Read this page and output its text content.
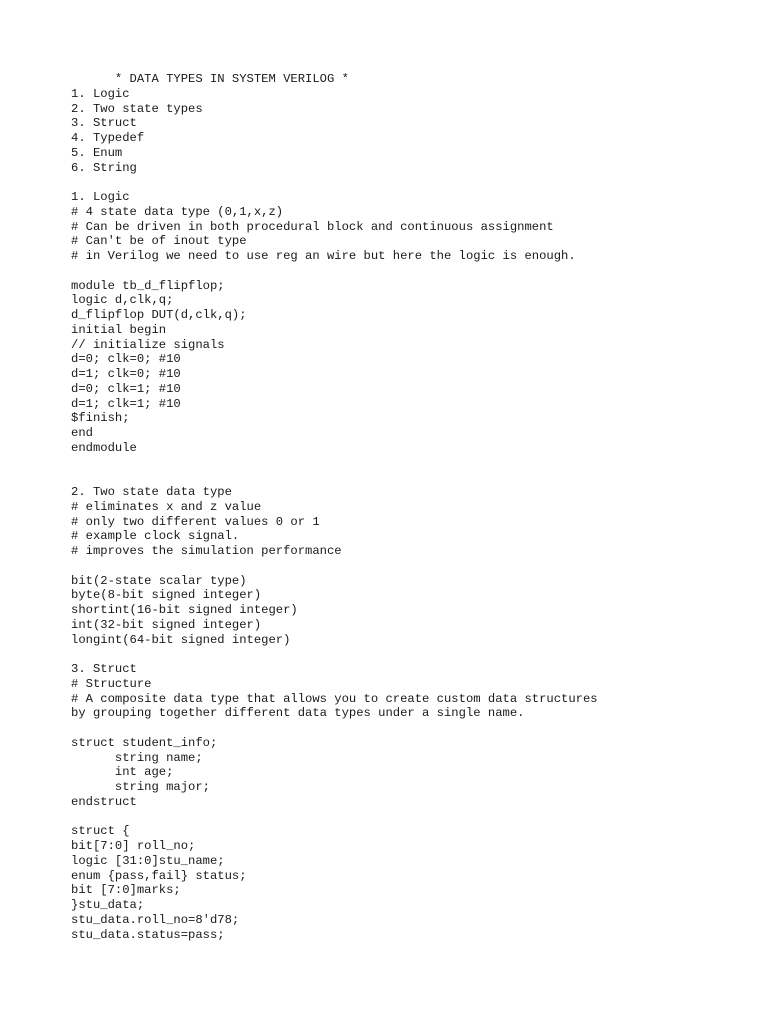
* DATA TYPES IN SYSTEM VERILOG *
1. Logic
2. Two state types
3. Struct
4. Typedef
5. Enum
6. String

1. Logic
# 4 state data type (0,1,x,z)
# Can be driven in both procedural block and continuous assignment
# Can't be of inout type
# in Verilog we need to use reg an wire but here the logic is enough.

module tb_d_flipflop;
logic d,clk,q;
d_flipflop DUT(d,clk,q);
initial begin
// initialize signals
d=0; clk=0; #10
d=1; clk=0; #10
d=0; clk=1; #10
d=1; clk=1; #10
$finish;
end
endmodule

2. Two state data type
# eliminates x and z value
# only two different values 0 or 1
# example clock signal.
# improves the simulation performance

bit(2-state scalar type)
byte(8-bit signed integer)
shortint(16-bit signed integer)
int(32-bit signed integer)
longint(64-bit signed integer)

3. Struct
# Structure
# A composite data type that allows you to create custom data structures
by grouping together different data types under a single name.

struct student_info;
string name;
int age;
string major;
endstruct

struct {
bit[7:0] roll_no;
logic [31:0]stu_name;
enum {pass,fail} status;
bit [7:0]marks;
}stu_data;
stu_data.roll_no=8'd78;
stu_data.status=pass;
